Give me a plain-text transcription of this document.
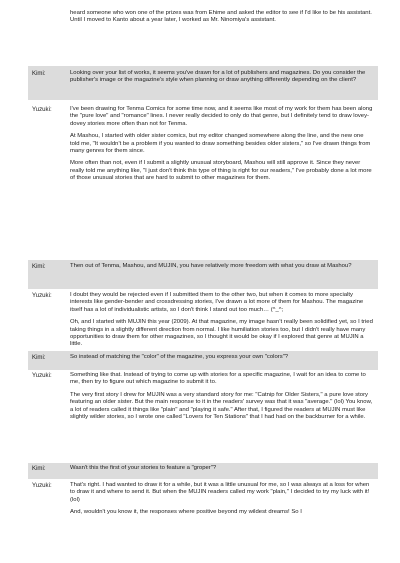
heard someone who won one of the prizes was from Ehime and asked the editor to see if I'd like to be his assistant. Until I moved to Kanto about a year later, I worked as Mr. Ninomiya's assistant.

Kimi:	Looking over your list of works, it seems you've drawn for a lot of publishers and magazines. Do you consider the publisher's image or the magazine's style when planning or draw anything differently depending on the client?

Yuzuki:	I've been drawing for Tenma Comics for some time now, and it seems like most of my work for them has been along the "pure love" and "romance" lines. I never really decided to only do that genre, but I definitely tend to draw lovey-dovey stories more often than not for Tenma.

At Mashou, I started with older sister comics, but my editor changed somewhere along the line, and the new one told me, "It wouldn't be a problem if you wanted to draw something besides older sisters," so I've drawn things from many genres for them since.

More often than not, even if I submit a slightly unusual storyboard, Mashou will still approve it. Since they never really told me anything like, "I just don't think this type of thing is right for our readers," I've probably done a lot more of those unusual stories that are hard to submit to other magazines for them.

Kimi:	Then out of Tenma, Mashou, and MUJIN, you have relatively more freedom with what you draw at Mashou?

Yuzuki:	I doubt they would be rejected even if I submitted them to the other two, but when it comes to more specialty interests like gender-bender and crossdressing stories, I've drawn a lot more of them for Mashou. The magazine itself has a lot of individualistic artists, so I don't think I stand out too much… (^_^;

Oh, and I started with MUJIN this year (2009). At that magazine, my image hasn't really been solidified yet, so I tried taking things in a slightly different direction from normal. I like humiliation stories too, but I didn't really have many opportunities to draw them for other magazines, so I thought it would be okay if I explored that genre at MUJIN a little.

Kimi:	So instead of matching the "color" of the magazine, you express your own "colors"?

Yuzuki:	Something like that. Instead of trying to come up with stories for a specific magazine, I wait for an idea to come to me, then try to figure out which magazine to submit it to.

The very first story I drew for MUJIN was a very standard story for me: "Catnip for Older Sisters," a pure love story featuring an older sister. But the main response to it in the readers' survey was that it was "average." (lol) You know, a lot of readers called it things like "plain" and "playing it safe." After that, I figured the readers at MUJIN must like slightly wilder stories, so I wrote one called "Lovers for Ten Stations" that I had had on the backburner for a while.

Kimi:	Wasn't this the first of your stories to feature a "groper"?

Yuzuki:	That's right. I had wanted to draw it for a while, but it was a little unusual for me, so I was always at a loss for when to draw it and where to send it. But when the MUJIN readers called my work "plain," I decided to try my luck with it! (lol)

And, wouldn't you know it, the responses where positive beyond my wildest dreams! So I
